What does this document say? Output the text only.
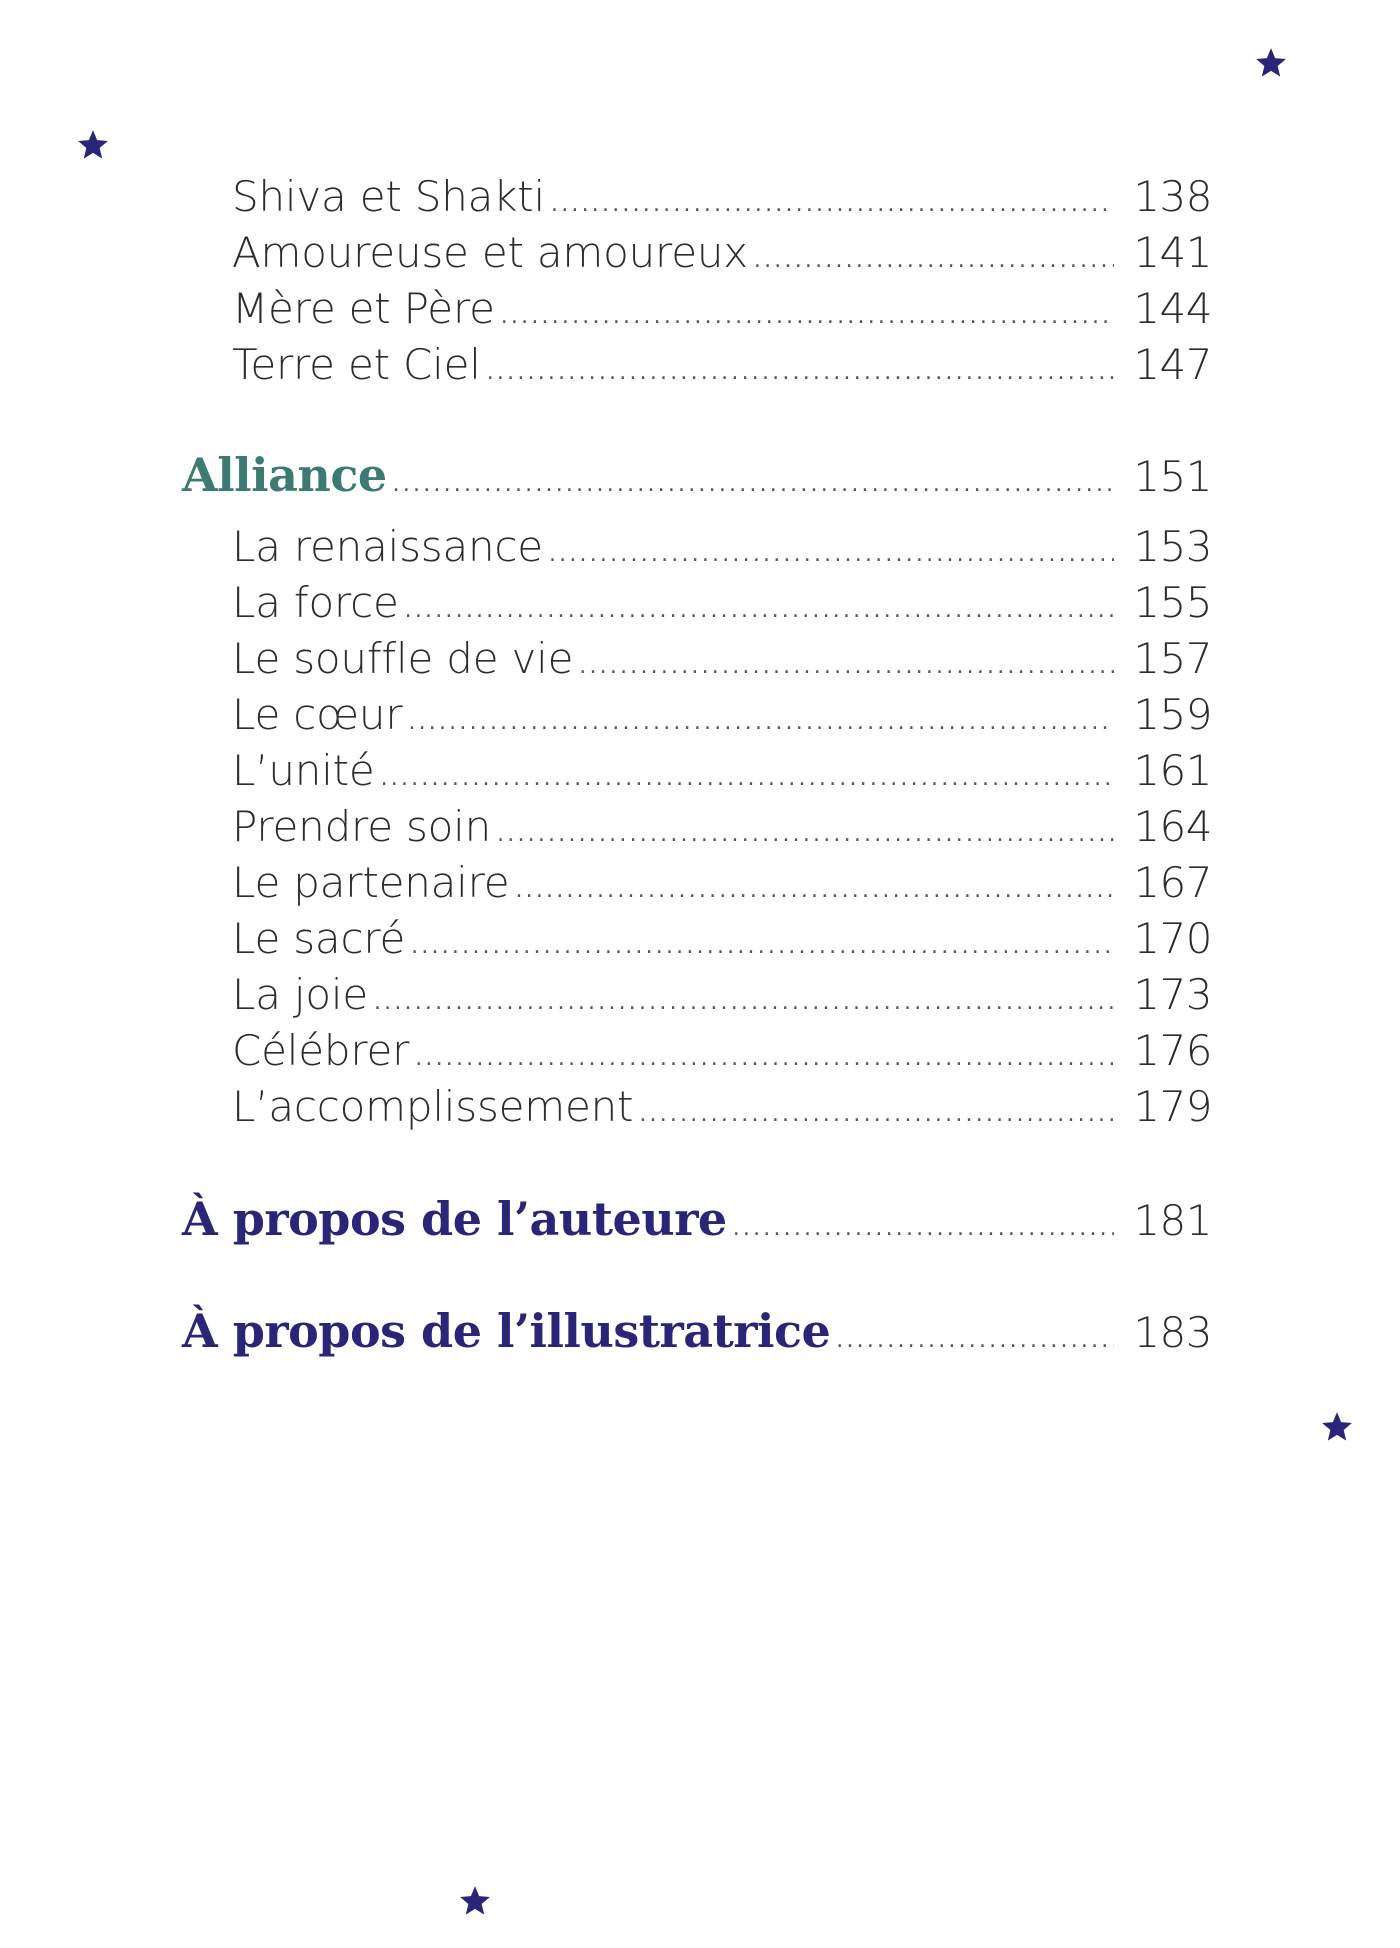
Shiva et Shakti .....	138
Amoureuse et amoureux .....	141
Mère et Père .....	144
Terre et Ciel .....	147
Alliance .....	151
La renaissance .....	153
La force .....	155
Le souffle de vie .....	157
Le cœur .....	159
L’unité .....	161
Prendre soin .....	164
Le partenaire .....	167
Le sacré .....	170
La joie .....	173
Célébrer .....	176
L’accomplissement .....	179
À propos de l’auteure .....	181
À propos de l’illustratrice .....	183
